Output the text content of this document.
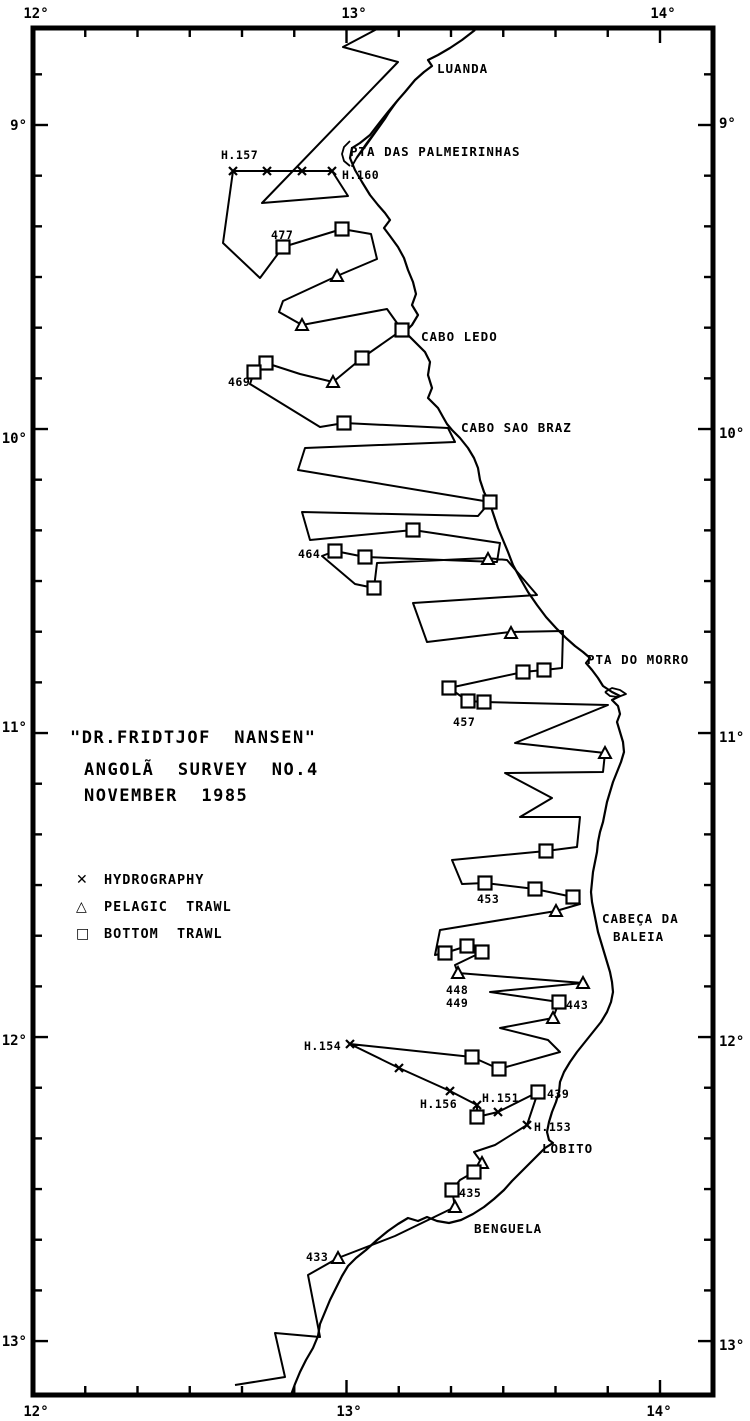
LUANDA
PTA DAS PALMEIRINHAS
CABO LEDO
CABO SAO BRAZ
PTA DO MORRO
CABEÇA DA
BALEIA
LOBITO
BENGUELA
H.157
H.160
477
469
464
457
453
448
449	443
H.154
H.156 H.151 439
H.153
435
433
12°	13°	14°
12°	13°	14°
9°
10°
11°
12°
13°
9°
10°
11°
12°
13°
"DR.FRIDTJOF  NANSEN"
ANGOLÃ  SURVEY  NO.4
NOVEMBER  1985
✕	HYDROGRAPHY
△	PELAGIC  TRAWL
□	BOTTOM  TRAWL
